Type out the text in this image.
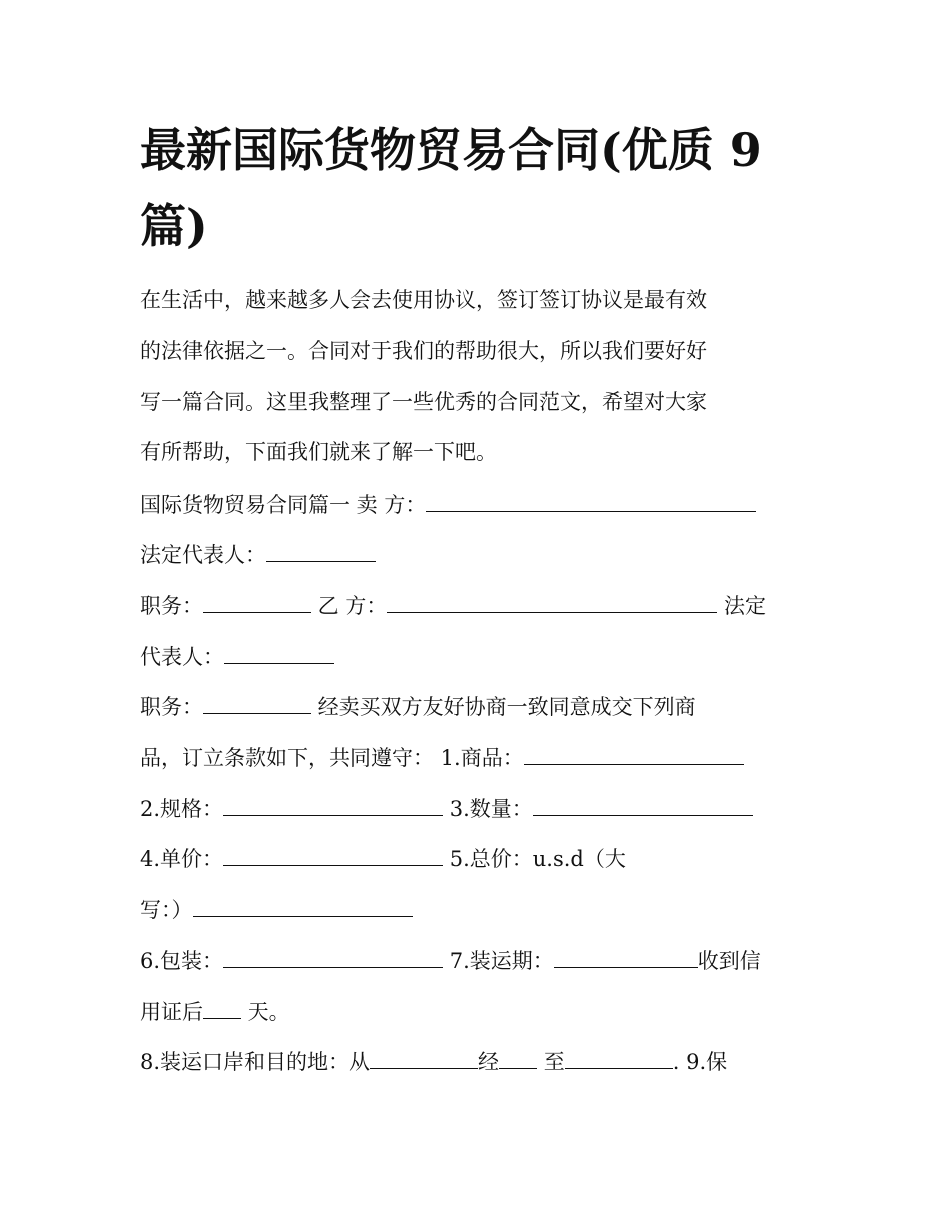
最新国际货物贸易合同(优质 9
篇)
在生活中，越来越多人会去使用协议，签订签订协议是最有效
的法律依据之一。合同对于我们的帮助很大，所以我们要好好
写一篇合同。这里我整理了一些优秀的合同范文，希望对大家
有所帮助，下面我们就来了解一下吧。
国际货物贸易合同篇一 卖 方：
法定代表人：
职务：	乙 方：	法定
代表人：
职务：	经卖买双方友好协商一致同意成交下列商
品，订立条款如下，共同遵守： 1.商品：
2.规格：	3.数量：
4.单价：	5.总价：u.s.d（大
写：）
6.包装：	7.装运期：	收到信
用证后 天。
8.装运口岸和目的地：从	经 至	. 9.保
